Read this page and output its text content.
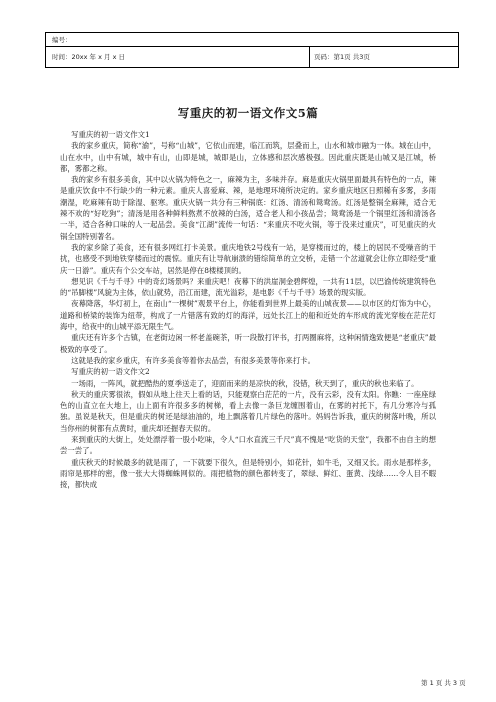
编号：
时间：20xx 年 x 月 x 日	页码：第1页 共3页
写重庆的初一语文作文5篇

写重庆的初一语文作文1

我的家乡重庆，简称“渝”，号称“山城”，它依山而建，临江而筑，层叠而上，山水和城市融为一体。城在山中，山在水中，山中有城，城中有山，山即是城，城即是山，立体感和层次感极强。因此重庆既是山城又是江城，桥都，雾都之称。

我的家乡有很多美食，其中以火锅为特色之一，麻辣为主，多味并存。麻是重庆火锅里面最具有特色的一点，辣是重庆饮食中不行缺少的一种元素。重庆人喜爱麻、辣，是地理环境所决定的。家乡重庆地区日照稀有多雾，多雨潮湿，吃麻辣有助于除湿、驱寒。重庆火锅一共分有三种锅底：红汤、清汤和鸳鸯汤。红汤是整锅全麻辣，适合无辣不欢的“好吃狗”；清汤是用各种鲜料熬煮不放辣的白汤，适合老人和小孩品尝；鸳鸯汤是一个锅里红汤和清汤各一半，适合各种口味的人一起品尝。美食“江湖”流传一句话：“来重庆不吃火锅，等于没来过重庆”，可见重庆的火锅全国特别著名。

我的家乡除了美食，还有很多网红打卡美景。重庆地铁2号线有一站，是穿楼而过的，楼上的居民不受噪音的干扰，也感受不到地铁穿楼而过的震惊。重庆有让导航崩溃的错综简单的立交桥，走错一个岔道就会让你立即经受“重庆一日游”。重庆有个公交车站，居然是停在8楼楼顶的。

想见识《千与千寻》中的奇幻场景吗？来重庆吧！夜幕下的洪崖洞金碧辉煌，一共有11层，以巴渝传统建筑特色的“吊脚楼”风貌为主体，依山就势，沿江而建，流光溢彩，是电影《千与千寻》场景的现实版。

夜幕降落，华灯初上，在南山“一棵树”观景平台上，你能看到世界上最美的山城夜景——以市区的灯饰为中心，道路和桥梁的装饰为纽带，构成了一片错落有致的灯的海洋，远处长江上的船和近处的车形成的流光穿梭在茫茫灯海中，给夜中的山城平添无限生气。

重庆还有许多个古镇，在老街边闲一杯老盖碗茶，听一段散打评书，打两圈麻将，这种闲情逸致便是“老重庆”最极致的享受了。

这就是我的家乡重庆，有许多美食等着你去品尝，有很多美景等你来打卡。

写重庆的初一语文作文2

一场雨，一阵风，就把酷热的夏季送走了，迎面而来的是凉快的秋，没错，秋天到了，重庆的秋也来临了。

秋天的重庆雾很浓，假如从地上往天上看的话，只能观察白茫茫的一片，没有云彩，没有太阳。你瞧：一座座绿色的山直立在大地上，山上面有许很多多的树梯，看上去像一条巨龙缠围着山，在雾的衬托下，有几分寒冷与孤独。虽说是秋天，但是重庆的树还是绿油油的，地上飘落着几片绿色的落叶。妈妈告诉我，重庆的树落叶晚，所以当你州的树都有点黄时，重庆却还握春天似的。

来到重庆的大街上，处处漂浮着一股小吃味，令人“口水直流三千尺”真不愧是“吃货的天堂”，我都不由自主的想尝一尝了。

重庆秋天的时候最多的就是雨了，一下就要下很久，但是特别小，如花针，如牛毛，又细又长。雨水是那样多，雨帘是那样的密，像一张大大得蜘蛛网似的。雨把植物的颜色都转变了，翠绿、鲜红、蛋黄、浅绿……令人目不暇接，都快成

第 1 页 共 3 页
